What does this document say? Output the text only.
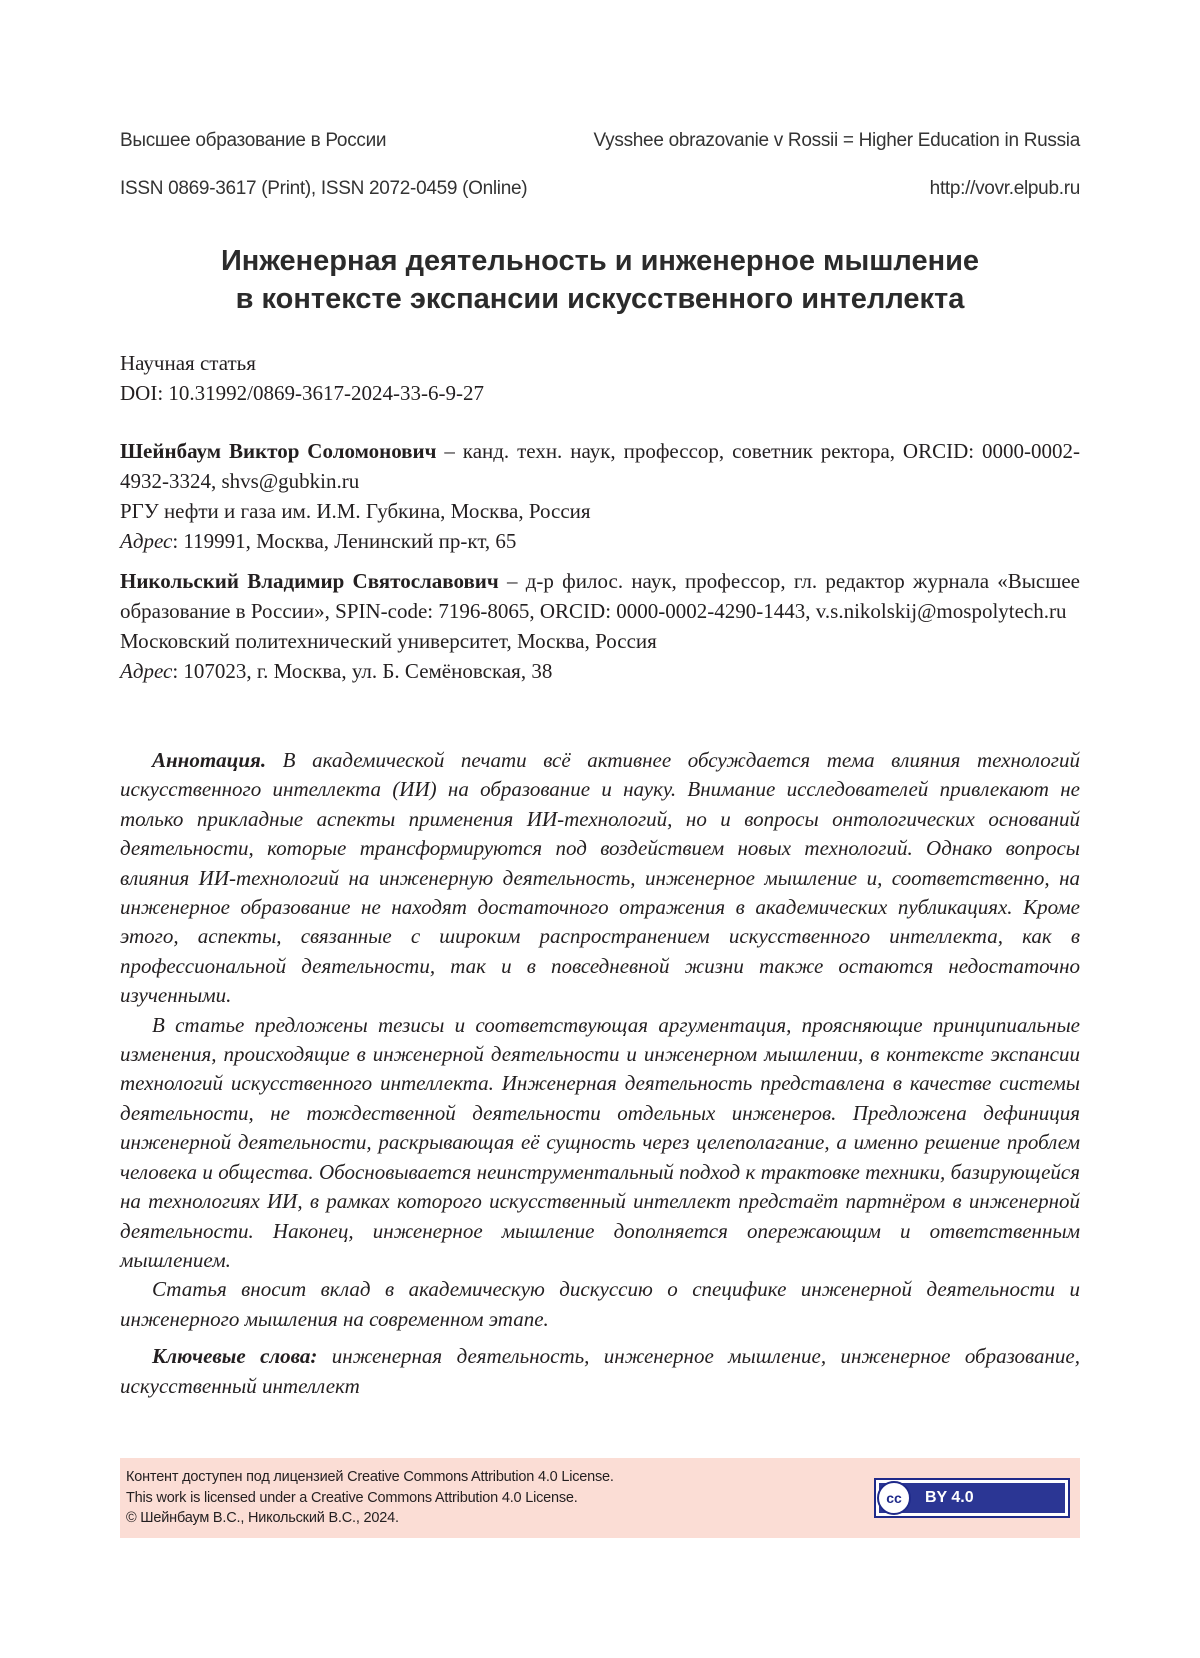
Высшее образование в России	Vysshee obrazovanie v Rossii = Higher Education in Russia
ISSN 0869-3617 (Print), ISSN 2072-0459 (Online)	http://vovr.elpub.ru
Инженерная деятельность и инженерное мышление
в контексте экспансии искусственного интеллекта
Научная статья
DOI: 10.31992/0869-3617-2024-33-6-9-27

Шейнбаум Виктор Соломонович – канд. техн. наук, профессор, советник ректора, ORCID: 0000-0002-4932-3324, shvs@gubkin.ru

РГУ нефти и газа им. И.М. Губкина, Москва, Россия

Адрес: 119991, Москва, Ленинский пр-кт, 65

Никольский Владимир Святославович – д-р филос. наук, профессор, гл. редактор журнала «Высшее образование в России», SPIN-code: 7196-8065, ORCID: 0000-0002-4290-1443, v.s.nikolskij@mospolytech.ru

Московский политехнический университет, Москва, Россия

Адрес: 107023, г. Москва, ул. Б. Семёновская, 38

Аннотация. В академической печати всё активнее обсуждается тема влияния технологий искусственного интеллекта (ИИ) на образование и науку. Внимание исследователей привлекают не только прикладные аспекты применения ИИ-технологий, но и вопросы онтологических оснований деятельности, которые трансформируются под воздействием новых технологий. Однако вопросы влияния ИИ-технологий на инженерную деятельность, инженерное мышление и, соответственно, на инженерное образование не находят достаточного отражения в академических публикациях. Кроме этого, аспекты, связанные с широким распространением искусственного интеллекта, как в профессиональной деятельности, так и в повседневной жизни также остаются недостаточно изученными.

В статье предложены тезисы и соответствующая аргументация, проясняющие принципиальные изменения, происходящие в инженерной деятельности и инженерном мышлении, в контексте экспансии технологий искусственного интеллекта. Инженерная деятельность представлена в качестве системы деятельности, не тождественной деятельности отдельных инженеров. Предложена дефиниция инженерной деятельности, раскрывающая её сущность через целеполагание, а именно решение проблем человека и общества. Обосновывается неинструментальный подход к трактовке техники, базирующейся на технологиях ИИ, в рамках которого искусственный интеллект предстаёт партнёром в инженерной деятельности. Наконец, инженерное мышление дополняется опережающим и ответственным мышлением.

Статья вносит вклад в академическую дискуссию о специфике инженерной деятельности и инженерного мышления на современном этапе.

Ключевые слова: инженерная деятельность, инженерное мышление, инженерное образование, искусственный интеллект

Контент доступен под лицензией Creative Commons Attribution 4.0 License.
This work is licensed under a Creative Commons Attribution 4.0 License.
© Шейнбаум В.С., Никольский В.С., 2024.
cc	BY 4.0
